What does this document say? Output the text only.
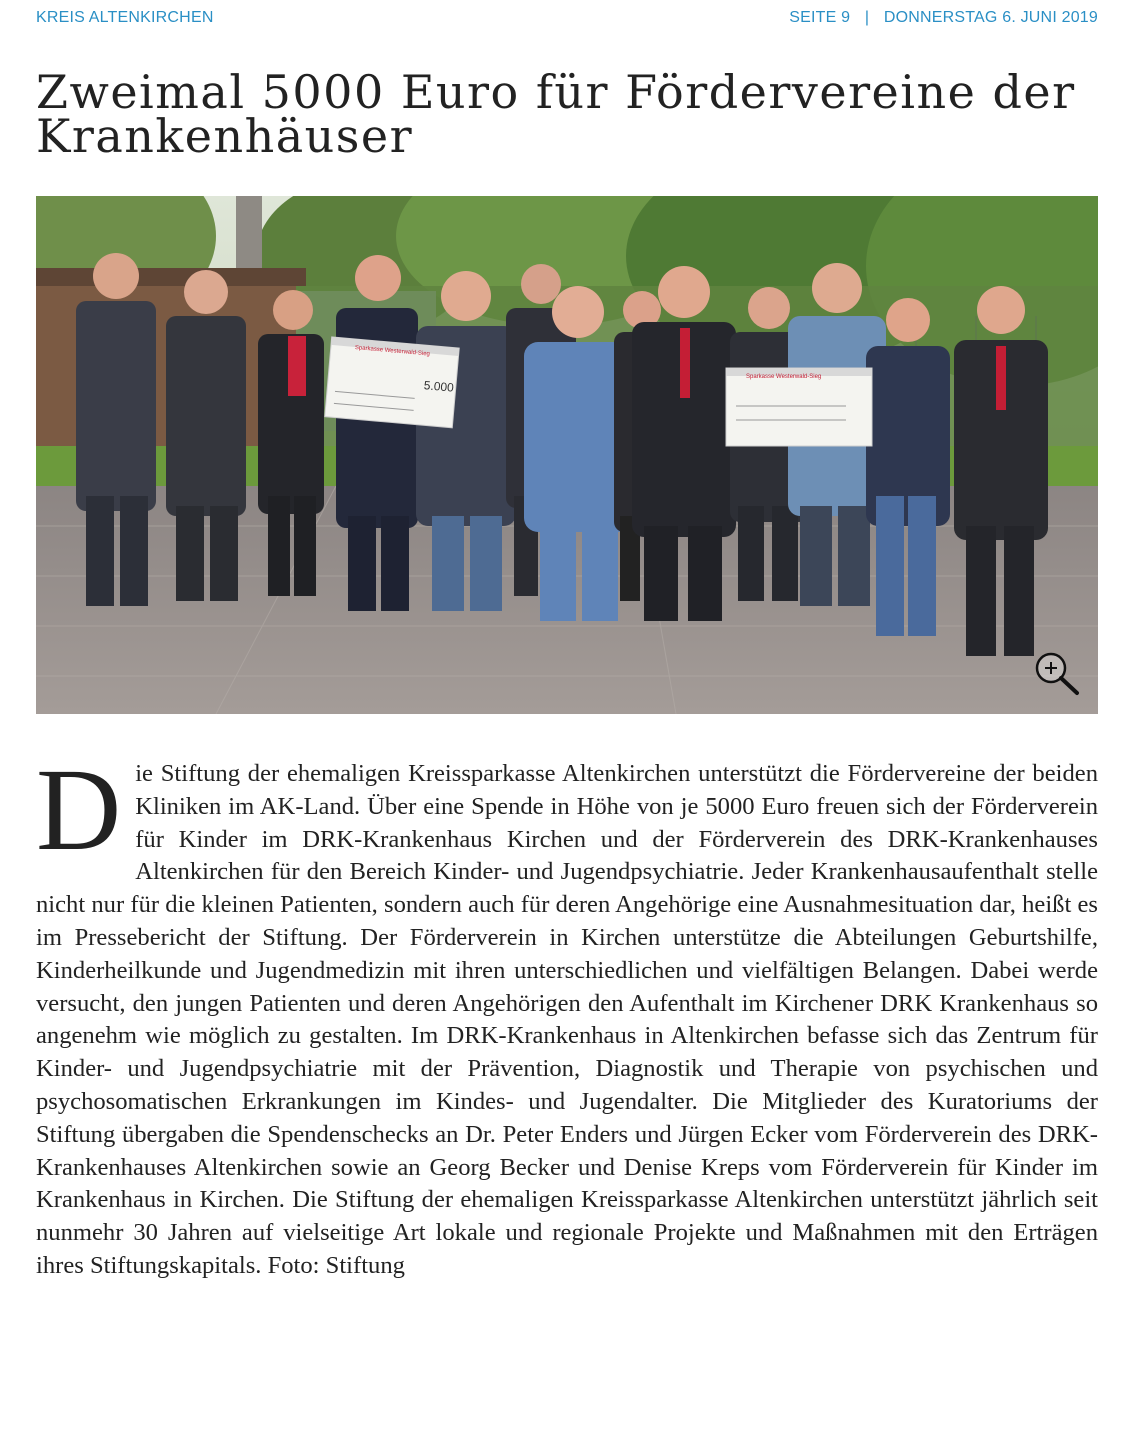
KREIS ALTENKIRCHEN	SEITE 9 | DONNERSTAG 6. JUNI 2019
Zweimal 5000 Euro für Fördervereine der Krankenhäuser
Sparkasse Westerwald-Sieg
5.000
Sparkasse Westerwald-Sieg

Die Stiftung der ehemaligen Kreissparkasse Altenkirchen unterstützt die Fördervereine der beiden Kliniken im AK-Land. Über eine Spende in Höhe von je 5000 Euro freuen sich der Förderverein für Kinder im DRK-Krankenhaus Kirchen und der Förderverein des DRK-Krankenhauses Altenkirchen für den Bereich Kinder- und Jugendpsychiatrie. Jeder Krankenhausaufenthalt stelle nicht nur für die kleinen Patienten, sondern auch für deren Angehörige eine Ausnahmesituation dar, heißt es im Pressebericht der Stiftung. Der Förderverein in Kirchen unterstütze die Abteilungen Geburtshilfe, Kinderheilkunde und Jugendmedizin mit ihren unterschiedlichen und vielfältigen Belangen. Dabei werde versucht, den jungen Patienten und deren Angehörigen den Aufenthalt im Kirchener DRK Krankenhaus so angenehm wie möglich zu gestalten. Im DRK-Krankenhaus in Altenkirchen befasse sich das Zentrum für Kinder- und Jugendpsychiatrie mit der Prävention, Diagnostik und Therapie von psychischen und psychosomatischen Erkrankungen im Kindes- und Jugendalter. Die Mitglieder des Kuratoriums der Stiftung übergaben die Spendenschecks an Dr. Peter Enders und Jürgen Ecker vom Förderverein des DRK-Krankenhauses Altenkirchen sowie an Georg Becker und Denise Kreps vom Förderverein für Kinder im Krankenhaus in Kirchen. Die Stiftung der ehemaligen Kreissparkasse Altenkirchen unterstützt jährlich seit nunmehr 30 Jahren auf vielseitige Art lokale und regionale Projekte und Maßnahmen mit den Erträgen ihres Stiftungskapitals. Foto: Stiftung
